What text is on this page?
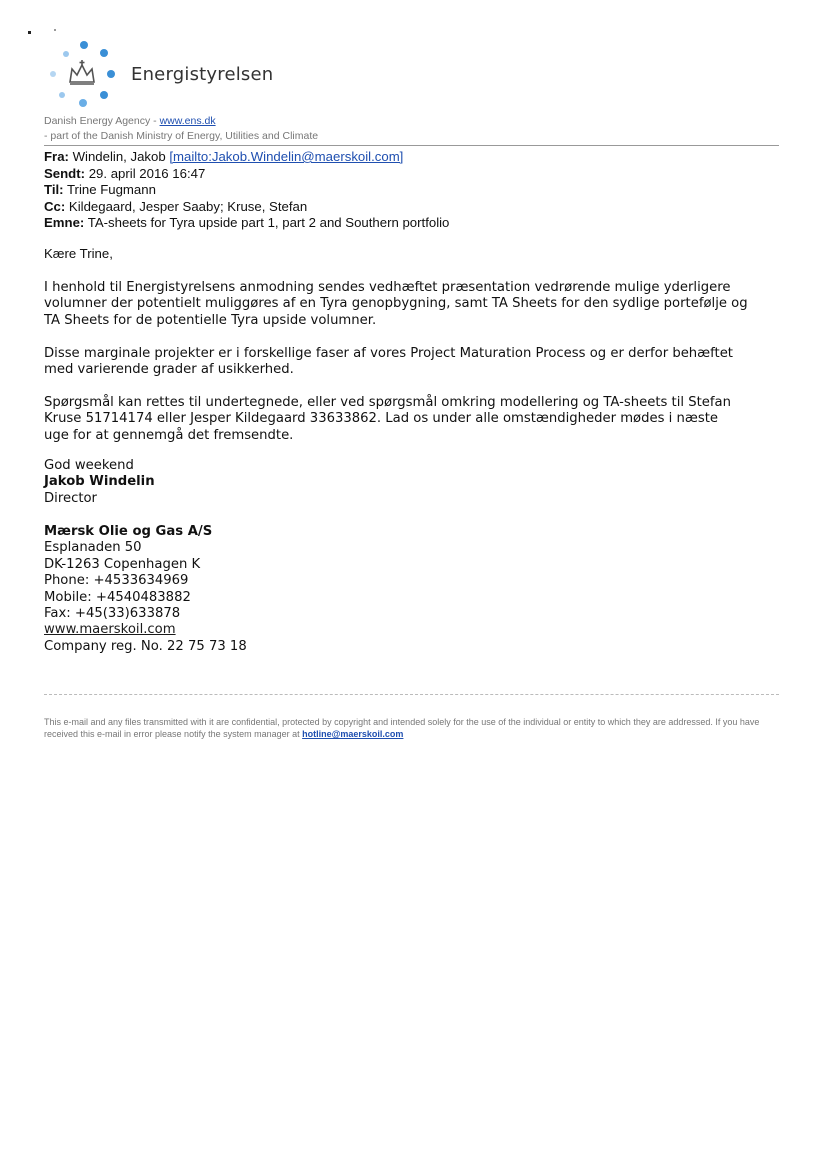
Energistyrelsen
Danish Energy Agency - www.ens.dk
- part of the Danish Ministry of Energy, Utilities and Climate
Fra: Windelin, Jakob [mailto:Jakob.Windelin@maerskoil.com]
Sendt: 29. april 2016 16:47
Til: Trine Fugmann
Cc: Kildegaard, Jesper Saaby; Kruse, Stefan
Emne: TA-sheets for Tyra upside part 1, part 2 and Southern portfolio
Kære Trine,
I henhold til Energistyrelsens anmodning sendes vedhæftet præsentation vedrørende mulige yderligere
volumner der potentielt muliggøres af en Tyra genopbygning, samt TA Sheets for den sydlige portefølje og
TA Sheets for de potentielle Tyra upside volumner.
Disse marginale projekter er i forskellige faser af vores Project Maturation Process og er derfor behæftet
med varierende grader af usikkerhed.
Spørgsmål kan rettes til undertegnede, eller ved spørgsmål omkring modellering og TA-sheets til Stefan
Kruse 51714174 eller Jesper Kildegaard 33633862. Lad os under alle omstændigheder mødes i næste
uge for at gennemgå det fremsendte.
God weekend
Jakob Windelin
Director
Mærsk Olie og Gas A/S
Esplanaden 50
DK-1263 Copenhagen K
Phone: +4533634969
Mobile: +4540483882
Fax: +45(33)633878
www.maerskoil.com
Company reg. No. 22 75 73 18
This e-mail and any files transmitted with it are confidential, protected by copyright and intended solely for the use of the individual or entity to which they are addressed. If you have received this e-mail in error please notify the system manager at hotline@maerskoil.com
